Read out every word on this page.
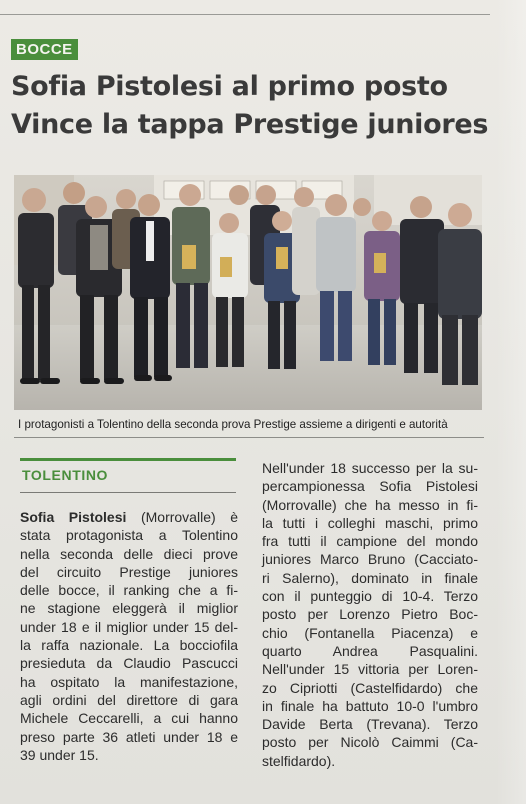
BOCCE
Sofia Pistolesi al primo posto
Vince la tappa Prestige juniores
I protagonisti a Tolentino della seconda prova Prestige assieme a dirigenti e autorità
TOLENTINO
Sofia Pistolesi (Morrovalle) è
stata protagonista a Tolentino
nella seconda delle dieci prove
del circuito Prestige juniores
delle bocce, il ranking che a fi-
ne stagione eleggerà il miglior
under 18 e il miglior under 15 del-
la raffa nazionale. La bocciofila
presieduta da Claudio Pascucci
ha ospitato la manifestazione,
agli ordini del direttore di gara
Michele Ceccarelli, a cui hanno
preso parte 36 atleti under 18 e
39 under 15.
Nell'under 18 successo per la su-
percampionessa Sofia Pistolesi
(Morrovalle) che ha messo in fi-
la tutti i colleghi maschi, primo
fra tutti il campione del mondo
juniores Marco Bruno (Cacciato-
ri Salerno), dominato in finale
con il punteggio di 10-4. Terzo
posto per Lorenzo Pietro Boc-
chio (Fontanella Piacenza) e
quarto Andrea Pasqualini.
Nell'under 15 vittoria per Loren-
zo Cipriotti (Castelfidardo) che
in finale ha battuto 10-0 l'umbro
Davide Berta (Trevana). Terzo
posto per Nicolò Caimmi (Ca-
stelfidardo).
